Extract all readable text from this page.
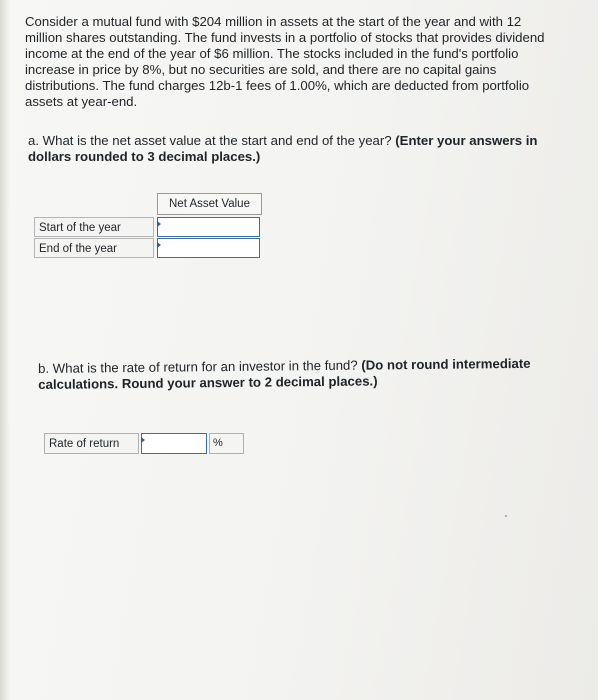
Consider a mutual fund with $204 million in assets at the start of the year and with 12 million shares outstanding. The fund invests in a portfolio of stocks that provides dividend income at the end of the year of $6 million. The stocks included in the fund's portfolio increase in price by 8%, but no securities are sold, and there are no capital gains distributions. The fund charges 12b-1 fees of 1.00%, which are deducted from portfolio assets at year-end.
a. What is the net asset value at the start and end of the year? (Enter your answers in dollars rounded to 3 decimal places.)
Net Asset Value
Start of the year
End of the year
b. What is the rate of return for an investor in the fund? (Do not round intermediate calculations. Round your answer to 2 decimal places.)
Rate of return	%
